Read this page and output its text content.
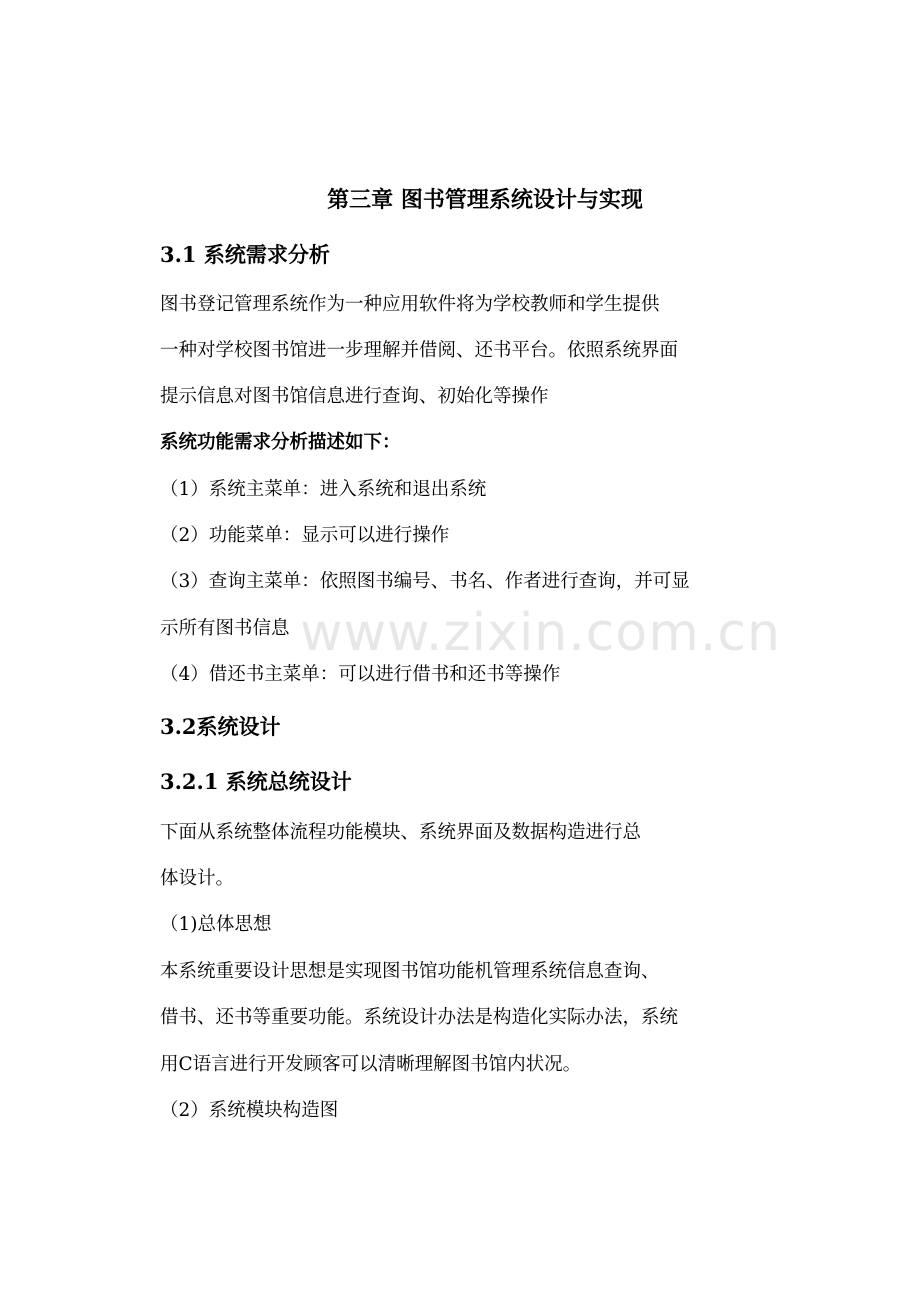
www.zixin.com.cn
第三章 图书管理系统设计与实现
3.1 系统需求分析
图书登记管理系统作为一种应用软件将为学校教师和学生提供
一种对学校图书馆进一步理解并借阅、还书平台。依照系统界面
提示信息对图书馆信息进行查询、初始化等操作
系统功能需求分析描述如下：
（1）系统主菜单：进入系统和退出系统
（2）功能菜单：显示可以进行操作
（3）查询主菜单：依照图书编号、书名、作者进行查询，并可显
示所有图书信息
（4）借还书主菜单：可以进行借书和还书等操作
3.2系统设计
3.2.1 系统总统设计
下面从系统整体流程功能模块、系统界面及数据构造进行总
体设计。
（1)总体思想
本系统重要设计思想是实现图书馆功能机管理系统信息查询、
借书、还书等重要功能。系统设计办法是构造化实际办法，系统
用C语言进行开发顾客可以清晰理解图书馆内状况。
（2）系统模块构造图
